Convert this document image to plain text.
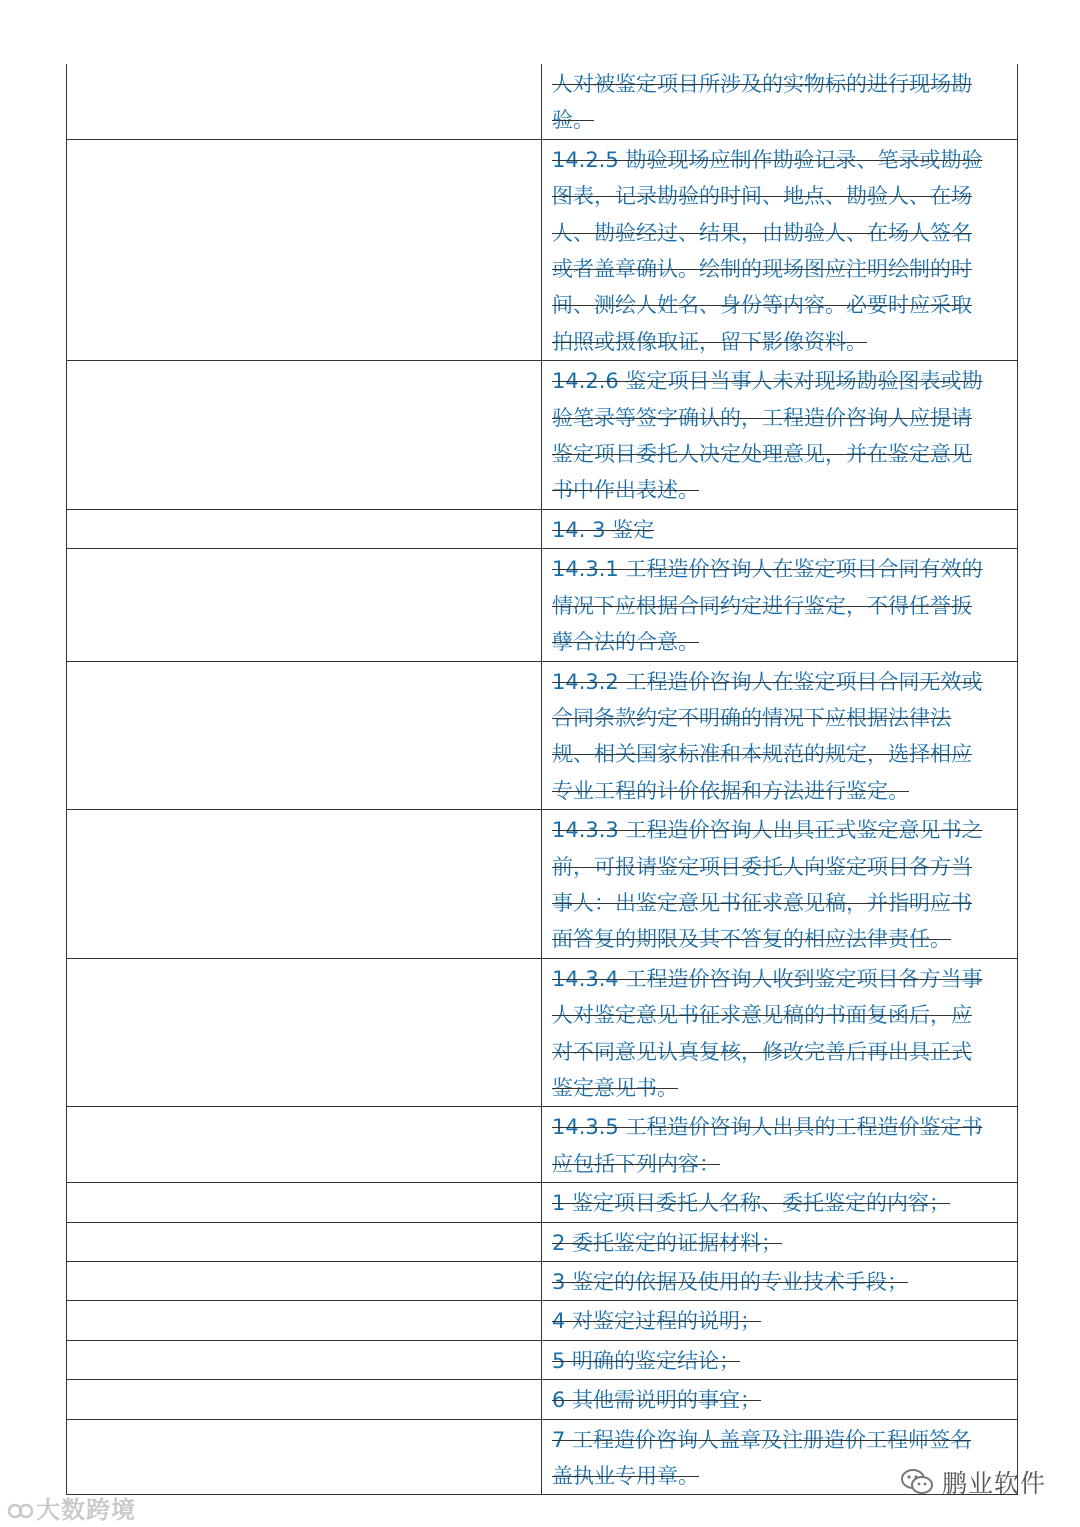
	人对被鉴定项目所涉及的实物标的进行现场勘验。

	14.2.5 勘验现场应制作勘验记录、笔录或勘验图表，记录勘验的时间、地点、勘验人、在场人、勘验经过、结果，由勘验人、在场人签名或者盖章确认。绘制的现场图应注明绘制的时间、测绘人姓名、身份等内容。必要时应采取拍照或摄像取证，留下影像资料。

	14.2.6 鉴定项目当事人未对现场勘验图表或勘验笔录等签字确认的，工程造价咨询人应提请鉴定项目委托人决定处理意见，并在鉴定意见书中作出表述。

	14. 3 鉴定

	14.3.1 工程造价咨询人在鉴定项目合同有效的情况下应根据合同约定进行鉴定，不得任誉扳孽合法的合意。

	14.3.2 工程造价咨询人在鉴定项目合同无效或合同条款约定不明确的情况下应根据法律法规、相关国家标准和本规范的规定，选择相应专业工程的计价依据和方法进行鉴定。

	14.3.3 工程造价咨询人出具正式鉴定意见书之前，可报请鉴定项目委托人向鉴定项目各方当事人：出鉴定意见书征求意见稿，并指明应书面答复的期限及其不答复的相应法律责任。

	14.3.4 工程造价咨询人收到鉴定项目各方当事人对鉴定意见书征求意见稿的书面复函后，应对不同意见认真复核，修改完善后再出具正式鉴定意见书。

	14.3.5 工程造价咨询人出具的工程造价鉴定书应包括下列内容：

	1 鉴定项目委托人名称、委托鉴定的内容；

	2 委托鉴定的证据材料；

	3 鉴定的依据及使用的专业技术手段；

	4 对鉴定过程的说明；

	5 明确的鉴定结论；

	6 其他需说明的事宜；

	7 工程造价咨询人盖章及注册造价工程师签名盖执业专用章。
大数跨境
鹏业软件
